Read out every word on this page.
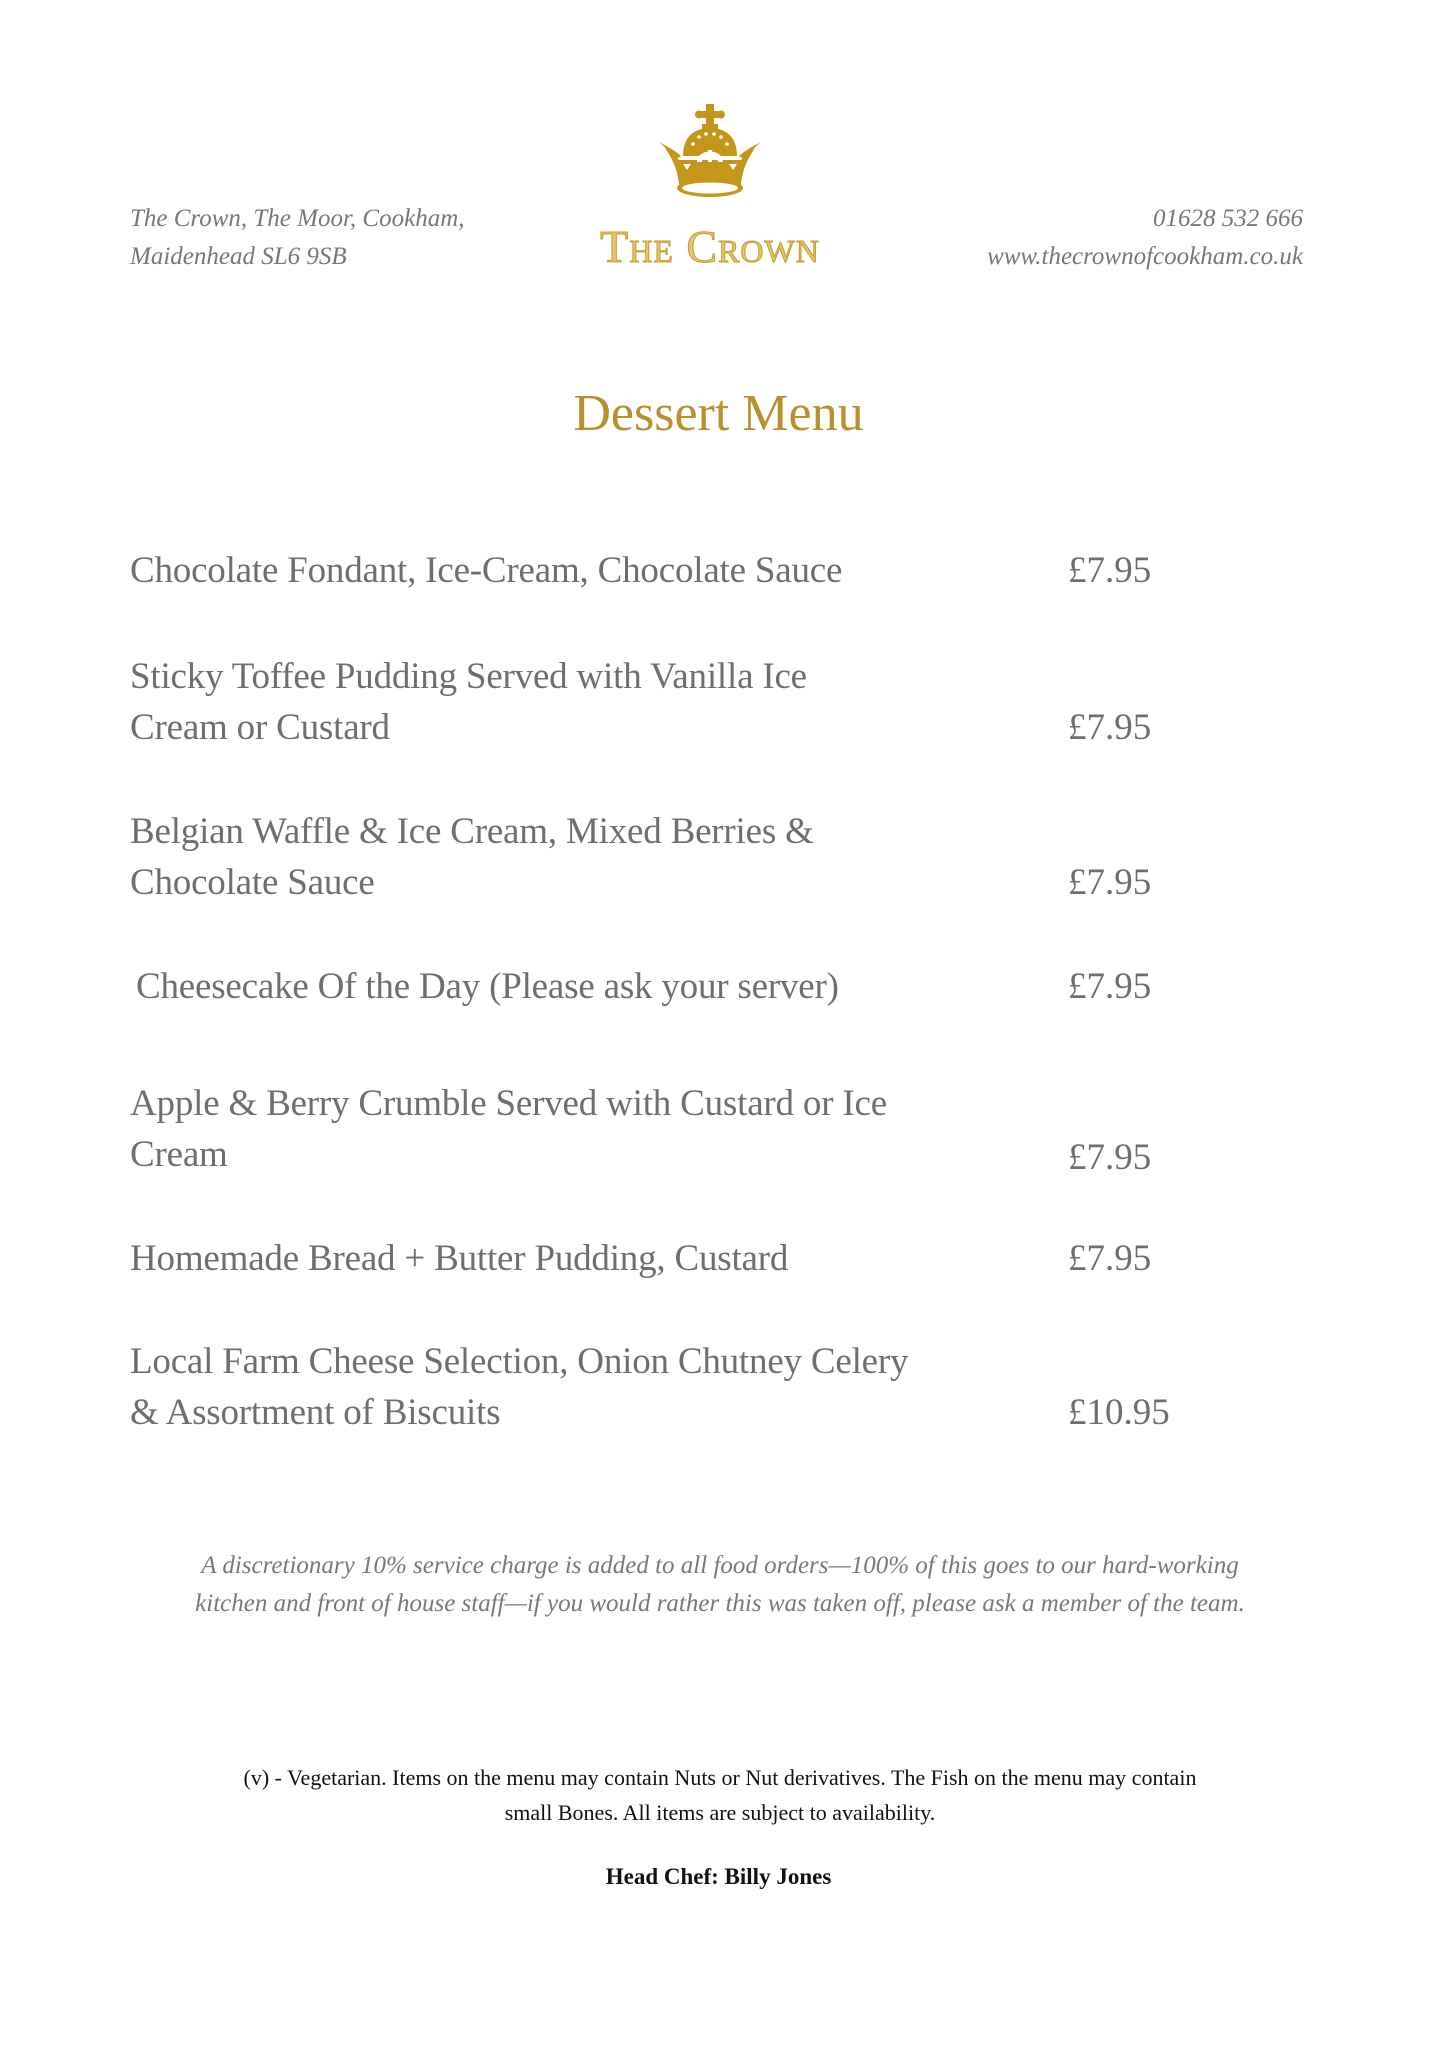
The Crown, The Moor, Cookham,
Maidenhead SL6 9SB	The Crown
01628 532 666
www.thecrownofcookham.co.uk
Dessert Menu
Chocolate Fondant, Ice-Cream, Chocolate Sauce	£7.95
Sticky Toffee Pudding Served with Vanilla Ice
Cream or Custard	£7.95
Belgian Waffle & Ice Cream, Mixed Berries &
Chocolate Sauce	£7.95
Cheesecake Of the Day (Please ask your server)	£7.95
Apple & Berry Crumble Served with Custard or Ice
Cream	£7.95
Homemade Bread + Butter Pudding, Custard	£7.95
Local Farm Cheese Selection, Onion Chutney Celery
& Assortment of Biscuits	£10.95
A discretionary 10% service charge is added to all food orders—100% of this goes to our hard-working
kitchen and front of house staff—if you would rather this was taken off, please ask a member of the team.
(v) - Vegetarian. Items on the menu may contain Nuts or Nut derivatives. The Fish on the menu may contain
small Bones. All items are subject to availability.
Head Chef: Billy Jones
